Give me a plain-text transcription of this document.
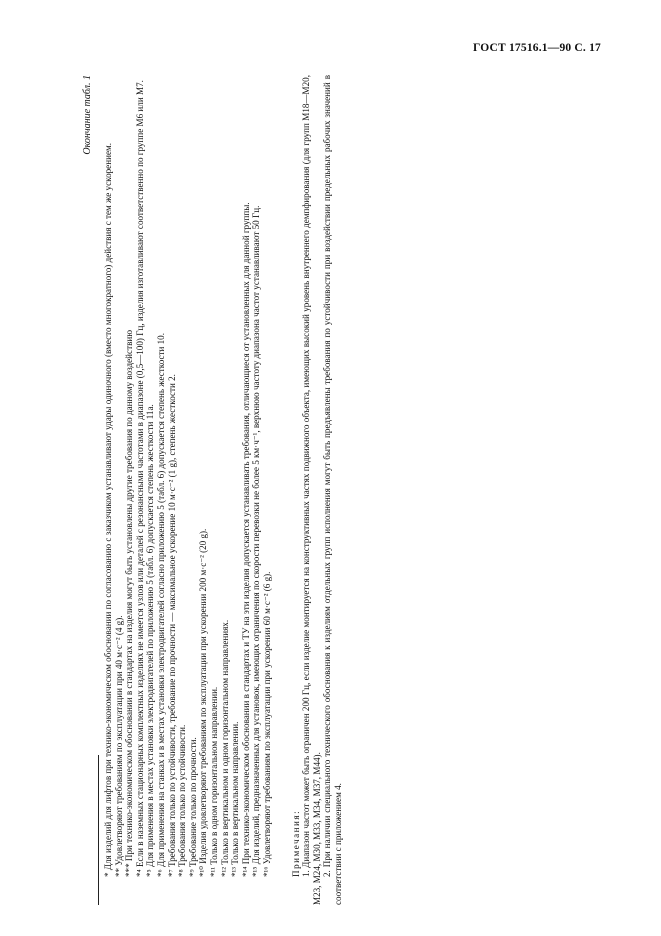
ГОСТ 17516.1—90 С. 17
Окончание табл. 1

* Для изделий для лифтов при технико-экономическом обосновании по согласованию с заказчиком устанавливают удары одиночного (вместо многократного) действия с тем же ускорением. ** Удовлетворяют требованиям по эксплуатации при 40 м·с⁻² (4 g). *** При технико-экономическом обосновании в стандартах на изделия могут быть установлены другие требования по данному воздействию *⁴ Если в наземных стационарных комплектных изделиях не имеется узлов или деталей с резонансными частотами в диапазоне (0,5—100) Гц, изделия изготавливают соответственно по группе М6 или М7. *⁵ Для применения в местах установки электродвигателей по приложению 5 (табл. 6) допускается степень жесткости 11а. *⁶ Для применения на станках и в местах установки электродвигателей согласно приложению 5 (табл. 6) допускается степень жесткости 10. *⁷ Требования только по устойчивости, требование по прочности — максимальное ускорение 10 м·с⁻² (1 g), степень жесткости 2. *⁸ Требования только по устойчивости. *⁹ Требование только по прочности. *¹⁰ Изделия удовлетворяют требованиям по эксплуатации при ускорении 200 м·с⁻² (20 g). *¹¹ Только в одном горизонтальном направлении. *¹² Только в вертикальном и одном горизонтальном направлениях. *¹³ Только в вертикальном направлении. *¹⁴ При технико-экономическом обосновании в стандартах и ТУ на эти изделия допускается устанавливать требования, отличающиеся от установленных для данной группы. *¹⁵ Для изделий, предназначенных для установок, имеющих ограничения по скорости перевозки не более 5 км·ч⁻¹, верхнюю частоту диапазона частот устанавливают 50 Гц. *¹⁶ Удовлетворяют требованиям по эксплуатации при ускорении 60 м·с⁻² (6 g). Примечания: 1. Диапазон частот может быть ограничен 200 Гц, если изделие монтируется на конструктивных частях подвижного объекта, имеющих высокий уровень внутреннего демпфирования (для групп М18—М20, М23, М24, М30, М33, М34, М37, М44). 2. При наличии специального технического обоснования к изделиям отдельных групп исполнения могут быть предъявлены требования по устойчивости при воздействии предельных рабочих значений в соответствии с приложением 4.
